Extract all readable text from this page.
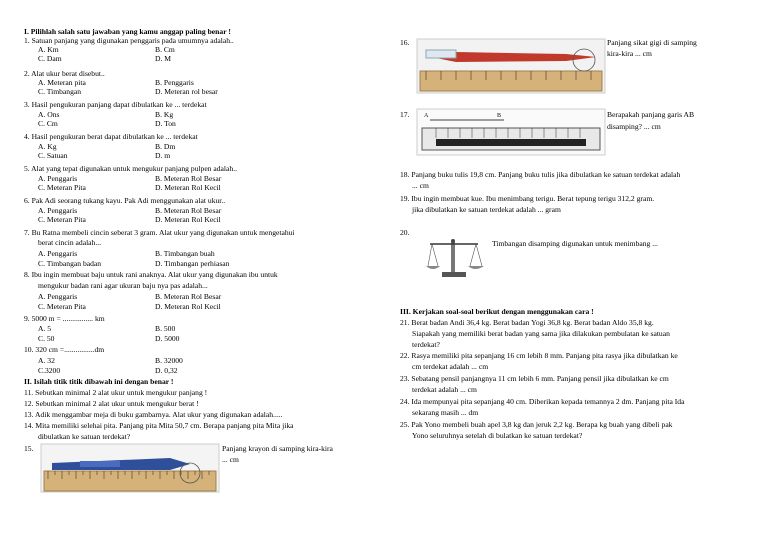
I. Pilihlah salah satu jawaban yang kamu anggap paling benar !
1. Satuan panjang yang digunakan penggaris pada umumnya adalah..
A. Km	B. Cm
C. Dam	D. M
2. Alat ukur berat disebut..
A. Meteran pita	B. Penggaris
C. Timbangan	D. Meteran rol besar
3. Hasil pengukuran panjang dapat dibulatkan ke ... terdekat
A. Ons	B. Kg
C. Cm	D. Ton
4. Hasil pengukuran berat dapat dibulatkan ke ... terdekat
A. Kg	B. Dm
C. Satuan	D. m
5. Alat yang tepat digunakan untuk mengukur panjang pulpen adalah..
A. Penggaris	B. Meteran Rol Besar
C. Meteran Pita	D. Meteran Rol Kecil
6. Pak Adi seorang tukang kayu. Pak Adi menggunakan alat ukur..
A. Penggaris	B. Meteran Rol Besar
C. Meteran Pita	D. Meteran Rol Kecil
7. Bu Ratna membeli cincin seberat 3 gram. Alat ukur yang digunakan untuk mengetahui
berat cincin adalah...
A. Penggaris	B. Timbangan buah
C. Timbangan badan	D. Timbangan perhiasan
8. Ibu ingin membuat baju untuk rani anaknya. Alat ukur yang digunakan ibu untuk
mengukur badan rani agar ukuran baju nya pas adalah...
A. Penggaris	B. Meteran Rol Besar
C. Meteran Pita	D. Meteran Rol Kecil
9. 5000 m = ................ km
A. 5	B. 500
C. 50	D. 5000
10. 320 cm =................dm
A. 32	B. 32000
C.3200	D. 0,32
II. Isilah titik titik dibawah ini dengan benar !
11. Sebutkan minimal 2 alat ukur untuk mengukur panjang !
12. Sebutkan minimal 2 alat ukur untuk mengukur berat !
13. Adik menggambar meja di buku gambarnya. Alat ukur yang digunakan adalah.....
14. Mita memiliki selehai pita. Panjang pita Mita 50,7 cm. Berapa panjang pita Mita jika
dibulatkan ke satuan terdekat?
15.	Panjang krayon di samping kira-kira
... cm
16.	Panjang sikat gigi di samping
kira-kira ... cm
17.	Berapakah panjang garis AB
disamping? ... cm
A	B
18. Panjang buku tulis 19,8 cm. Panjang buku tulis jika dibulatkan ke satuan terdekat adalah
... cm
19. Ibu ingin membuat kue. Ibu menimbang terigu. Berat tepung terigu 312,2 gram.
jika dibulatkan ke satuan terdekat adalah ... gram
20.
Timbangan disamping digunakan untuk menimbang ...
III. Kerjakan soal-soal berikut dengan menggunakan cara !
21. Berat badan Andi 36,4 kg. Berat badan Yogi 36,8 kg. Berat badan Aldo 35,8 kg.
Siapakah yang memiliki berat badan yang sama jika dilakukan pembulatan ke satuan
terdekat?
22. Rasya memiliki pita sepanjang 16 cm lebih 8 mm. Panjang pita rasya jika dibulatkan ke
cm terdekat adalah ... cm
23. Sebatang pensil panjangnya 11 cm lebih 6 mm. Panjang pensil jika dibulatkan ke cm
terdekat adalah ... cm
24. Ida mempunyai pita sepanjang 40 cm. Diberikan kepada temannya 2 dm. Panjang pita Ida
sekarang masih ... dm
25. Pak Yono membeli buah apel 3,8 kg dan jeruk 2,2 kg. Berapa kg buah yang dibeli pak
Yono seluruhnya setelah di bulatkan ke satuan terdekat?
